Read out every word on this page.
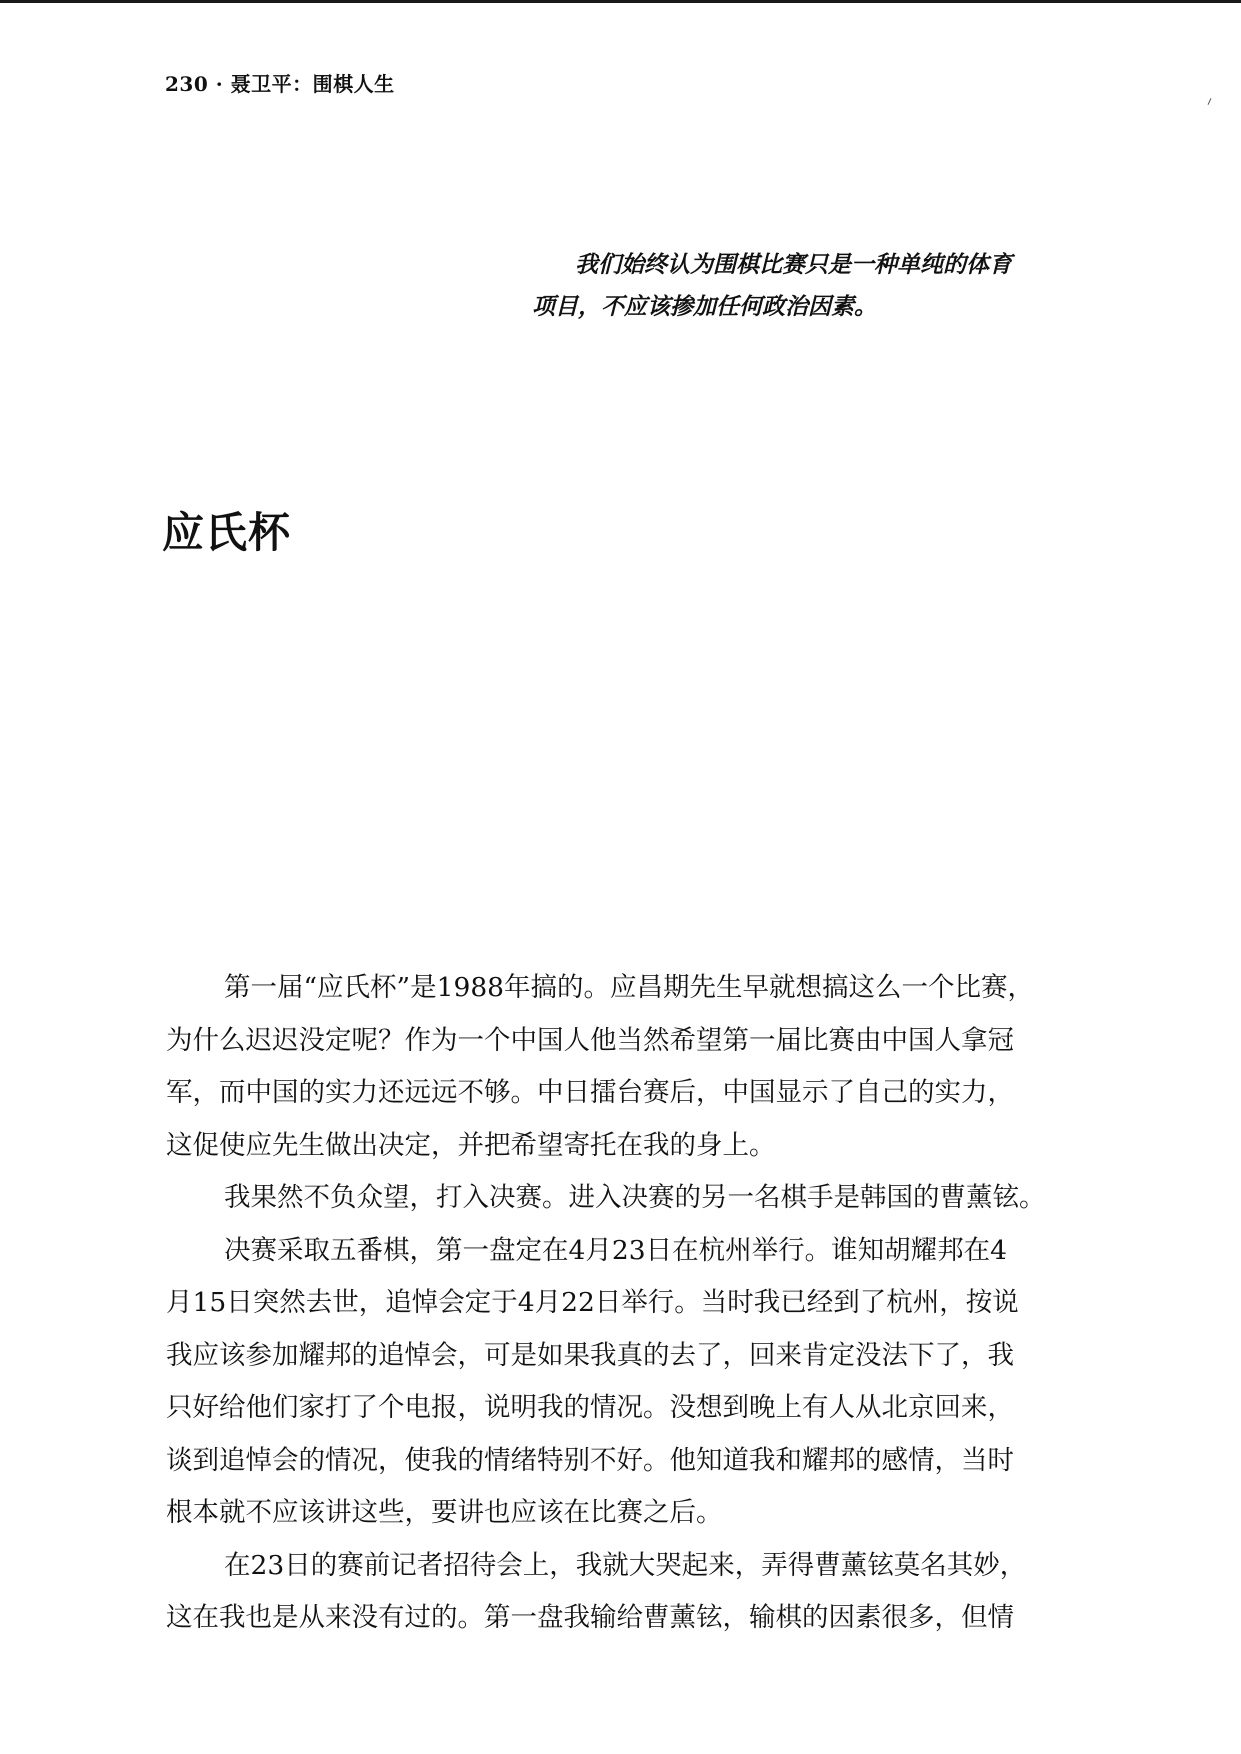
230 · 聂卫平：围棋人生

我们始终认为围棋比赛只是一种单纯的体育

项目，不应该掺加任何政治因素。

应氏杯
第一届“应氏杯”是1988年搞的。应昌期先生早就想搞这么一个比赛，
为什么迟迟没定呢？作为一个中国人他当然希望第一届比赛由中国人拿冠
军，而中国的实力还远远不够。中日擂台赛后，中国显示了自己的实力，
这促使应先生做出决定，并把希望寄托在我的身上。
我果然不负众望，打入决赛。进入决赛的另一名棋手是韩国的曹薰铉。
决赛采取五番棋，第一盘定在4月23日在杭州举行。谁知胡耀邦在4
月15日突然去世，追悼会定于4月22日举行。当时我已经到了杭州，按说
我应该参加耀邦的追悼会，可是如果我真的去了，回来肯定没法下了，我
只好给他们家打了个电报，说明我的情况。没想到晚上有人从北京回来，
谈到追悼会的情况，使我的情绪特别不好。他知道我和耀邦的感情，当时
根本就不应该讲这些，要讲也应该在比赛之后。
在23日的赛前记者招待会上，我就大哭起来，弄得曹薰铉莫名其妙，
这在我也是从来没有过的。第一盘我输给曹薰铉，输棋的因素很多，但情
